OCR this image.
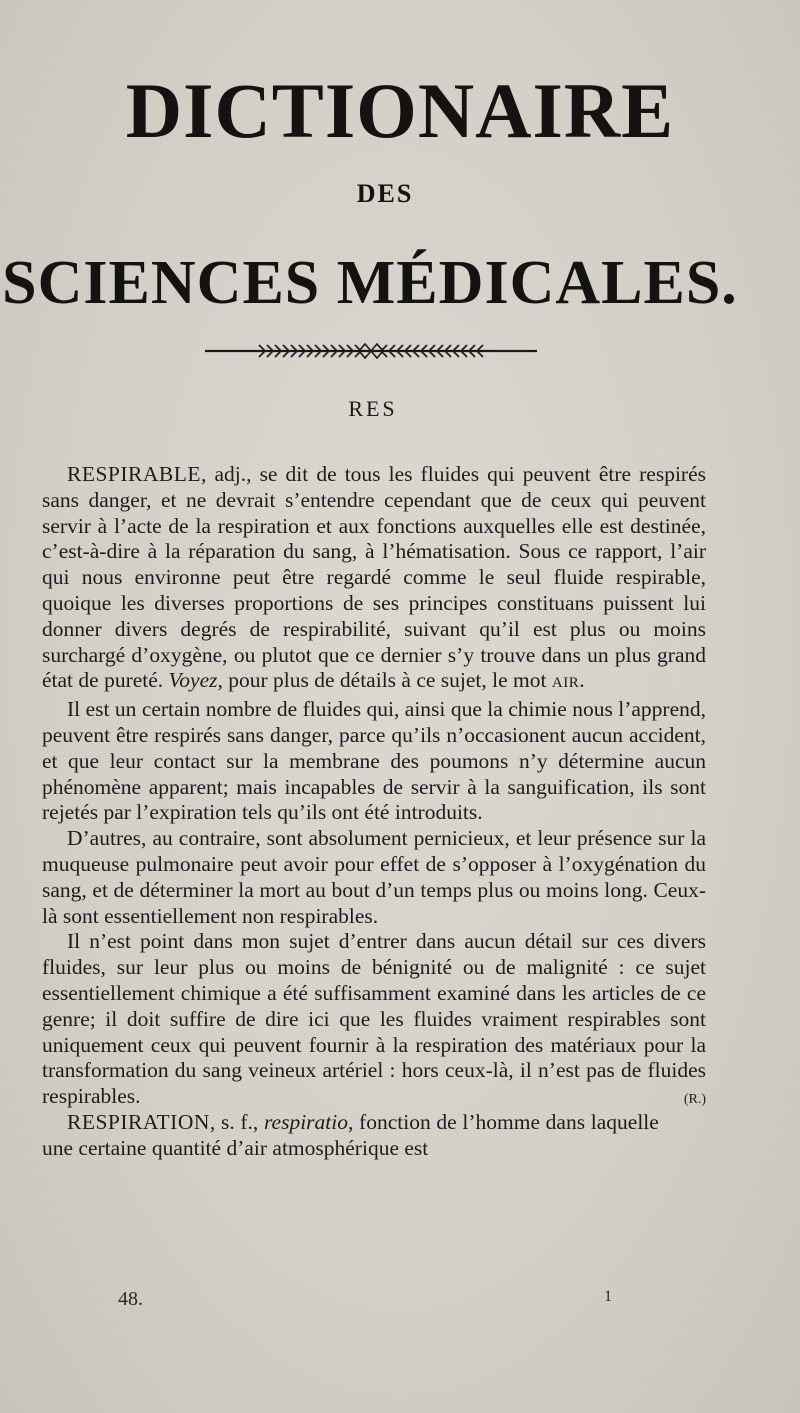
DICTIONAIRE
DES
SCIENCES MÉDICALES.
RES

RESPIRABLE, adj., se dit de tous les fluides qui peuvent être respirés sans danger, et ne devrait s’entendre cependant que de ceux qui peuvent servir à l’acte de la respiration et aux fonctions auxquelles elle est destinée, c’est-à-dire à la réparation du sang, à l’hématisation. Sous ce rapport, l’air qui nous environne peut être regardé comme le seul fluide respirable, quoique les diverses proportions de ses principes constituans puissent lui donner divers degrés de respirabilité, suivant qu’il est plus ou moins surchargé d’oxygène, ou plutot que ce dernier s’y trouve dans un plus grand état de pureté. Voyez, pour plus de détails à ce sujet, le mot AIR.

Il est un certain nombre de fluides qui, ainsi que la chimie nous l’apprend, peuvent être respirés sans danger, parce qu’ils n’occasionent aucun accident, et que leur contact sur la membrane des poumons n’y détermine aucun phénomène apparent; mais incapables de servir à la sanguification, ils sont rejetés par l’expiration tels qu’ils ont été introduits.

D’autres, au contraire, sont absolument pernicieux, et leur présence sur la muqueuse pulmonaire peut avoir pour effet de s’opposer à l’oxygénation du sang, et de déterminer la mort au bout d’un temps plus ou moins long. Ceux-là sont essentiellement non respirables.

Il n’est point dans mon sujet d’entrer dans aucun détail sur ces divers fluides, sur leur plus ou moins de bénignité ou de malignité : ce sujet essentiellement chimique a été suffisamment examiné dans les articles de ce genre; il doit suffire de dire ici que les fluides vraiment respirables sont uniquement ceux qui peuvent fournir à la respiration des matériaux pour la transformation du sang veineux artériel : hors ceux-là, il n’est pas de fluides respirables.	(R.)

RESPIRATION, s. f., respiratio, fonction de l’homme dans laquelle une certaine quantité d’air atmosphérique est

48.	1
